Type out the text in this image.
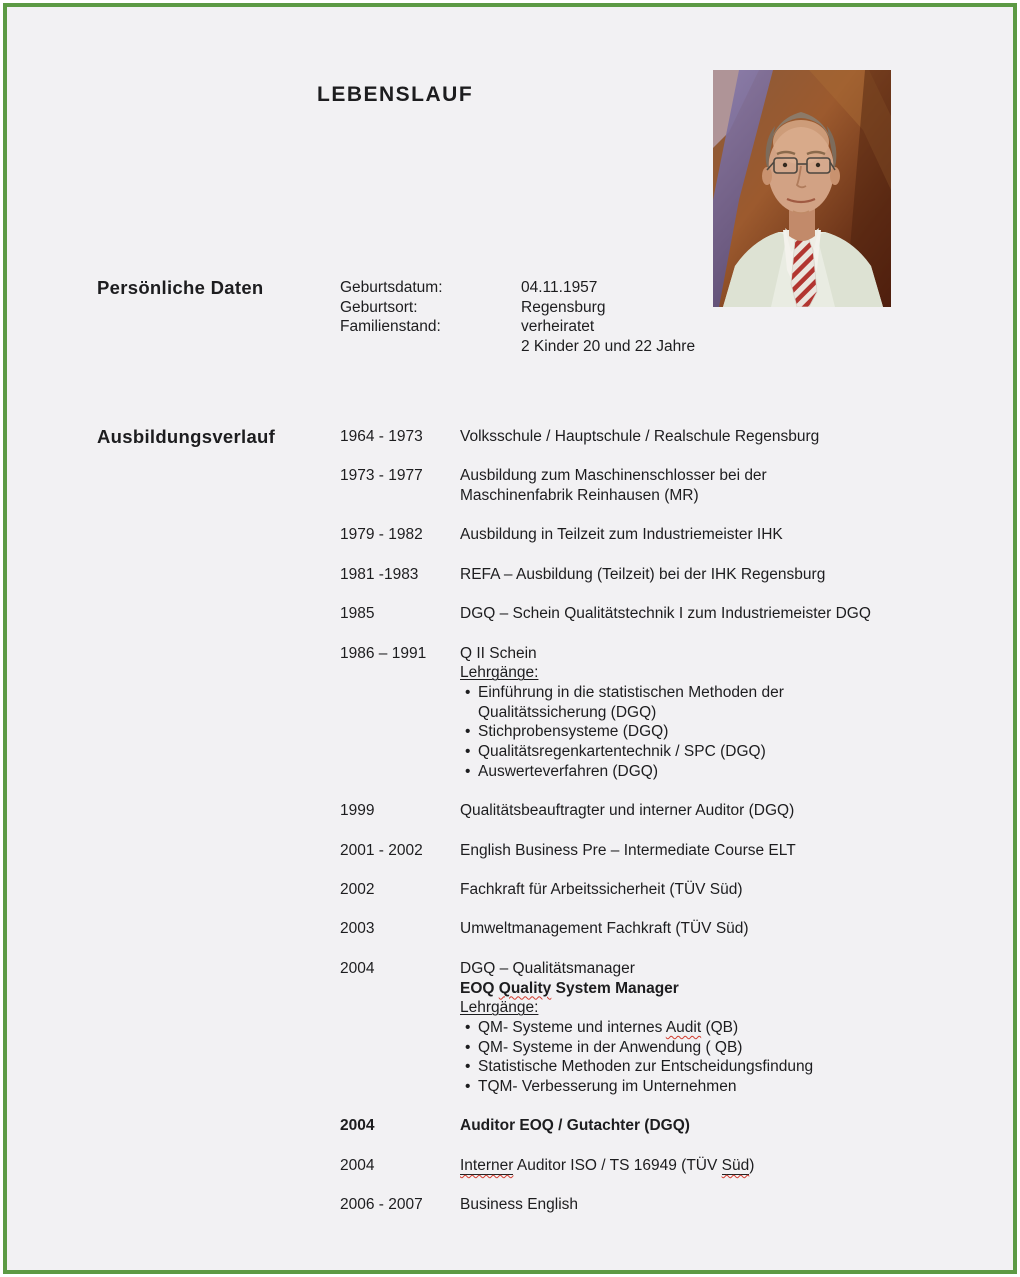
LEBENSLAUF
Persönliche Daten	Geburtsdatum:	04.11.1957
Geburtsort:	Regensburg
Familienstand:	verheiratet
2 Kinder 20 und 22 Jahre
Ausbildungsverlauf	1964 - 1973	Volksschule / Hauptschule / Realschule Regensburg
1973 - 1977	Ausbildung zum Maschinenschlosser bei der
Maschinenfabrik Reinhausen (MR)
1979 - 1982	Ausbildung in Teilzeit zum Industriemeister IHK
1981 -1983	REFA – Ausbildung (Teilzeit) bei der IHK Regensburg
1985	DGQ – Schein Qualitätstechnik I zum Industriemeister DGQ
1986 – 1991	Q II Schein
Lehrgänge:
• Einführung in die statistischen Methoden der
Qualitätssicherung (DGQ)
• Stichprobensysteme (DGQ)
• Qualitätsregenkartentechnik / SPC (DGQ)
• Auswerteverfahren (DGQ)
1999	Qualitätsbeauftragter und interner Auditor (DGQ)
2001 - 2002	English Business Pre – Intermediate Course ELT
2002	Fachkraft für Arbeitssicherheit (TÜV Süd)
2003	Umweltmanagement Fachkraft (TÜV Süd)
2004	DGQ – Qualitätsmanager
EOQ Quality System Manager
Lehrgänge:
• QM- Systeme und internes Audit (QB)
• QM- Systeme in der Anwendung ( QB)
• Statistische Methoden zur Entscheidungsfindung
• TQM- Verbesserung im Unternehmen
2004	Auditor EOQ / Gutachter (DGQ)
2004	Interner Auditor ISO / TS 16949 (TÜV Süd)
2006 - 2007	Business English
